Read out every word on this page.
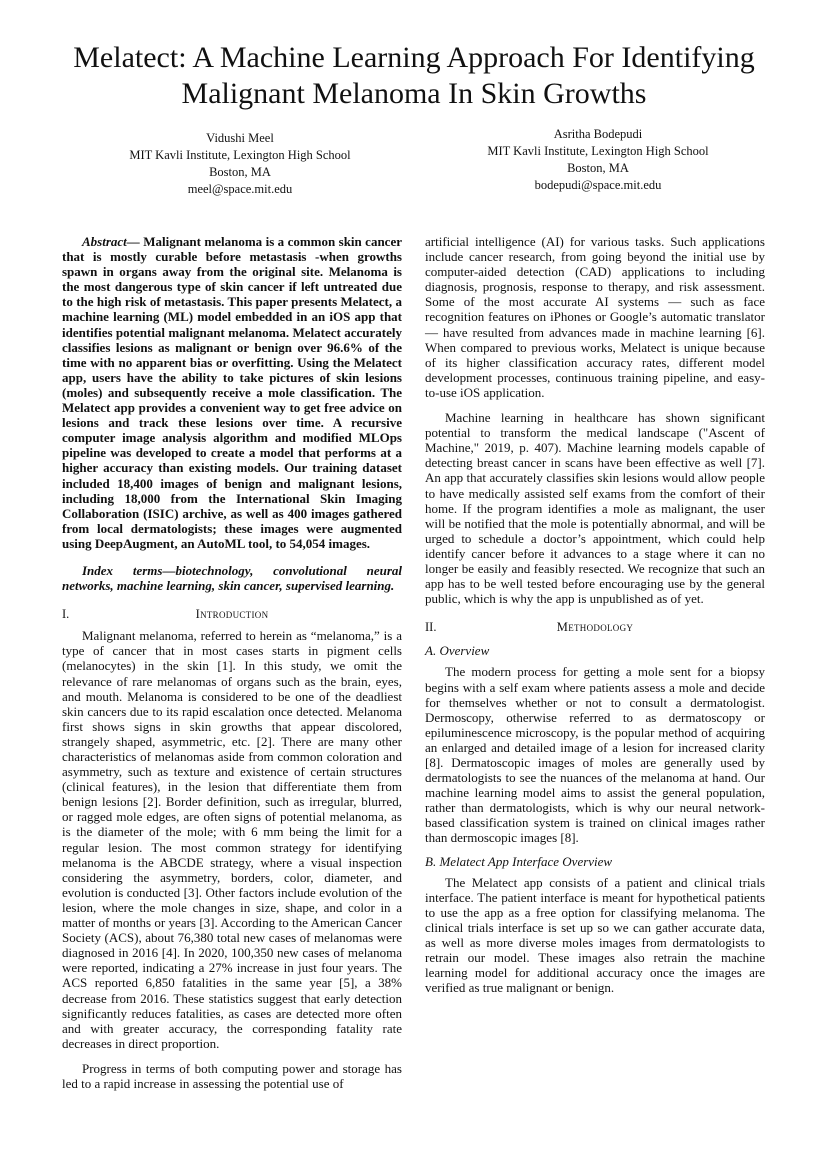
Melatect: A Machine Learning Approach For Identifying
Malignant Melanoma In Skin Growths
Vidushi Meel
MIT Kavli Institute, Lexington High School
Boston, MA
meel@space.mit.edu
Asritha Bodepudi
MIT Kavli Institute, Lexington High School
Boston, MA
bodepudi@space.mit.edu

Abstract— Malignant melanoma is a common skin cancer that is mostly curable before metastasis -when growths spawn in organs away from the original site. Melanoma is the most dangerous type of skin cancer if left untreated due to the high risk of metastasis. This paper presents Melatect, a machine learning (ML) model embedded in an iOS app that identifies potential malignant melanoma. Melatect accurately classifies lesions as malignant or benign over 96.6% of the time with no apparent bias or overfitting. Using the Melatect app, users have the ability to take pictures of skin lesions (moles) and subsequently receive a mole classification. The Melatect app provides a convenient way to get free advice on lesions and track these lesions over time. A recursive computer image analysis algorithm and modified MLOps pipeline was developed to create a model that performs at a higher accuracy than existing models. Our training dataset included 18,400 images of benign and malignant lesions, including 18,000 from the International Skin Imaging Collaboration (ISIC) archive, as well as 400 images gathered from local dermatologists; these images were augmented using DeepAugment, an AutoML tool, to 54,054 images.

Index terms—biotechnology, convolutional neural networks, machine learning, skin cancer, supervised learning.

I.	Introduction

Malignant melanoma, referred to herein as “melanoma,” is a type of cancer that in most cases starts in pigment cells (melanocytes) in the skin [1]. In this study, we omit the relevance of rare melanomas of organs such as the brain, eyes, and mouth. Melanoma is considered to be one of the deadliest skin cancers due to its rapid escalation once detected. Melanoma first shows signs in skin growths that appear discolored, strangely shaped, asymmetric, etc. [2]. There are many other characteristics of melanomas aside from common coloration and asymmetry, such as texture and existence of certain structures (clinical features), in the lesion that differentiate them from benign lesions [2]. Border definition, such as irregular, blurred, or ragged mole edges, are often signs of potential melanoma, as is the diameter of the mole; with 6 mm being the limit for a regular lesion. The most common strategy for identifying melanoma is the ABCDE strategy, where a visual inspection considering the asymmetry, borders, color, diameter, and evolution is conducted [3]. Other factors include evolution of the lesion, where the mole changes in size, shape, and color in a matter of months or years [3]. According to the American Cancer Society (ACS), about 76,380 total new cases of melanomas were diagnosed in 2016 [4]. In 2020, 100,350 new cases of melanoma were reported, indicating a 27% increase in just four years. The ACS reported 6,850 fatalities in the same year [5], a 38% decrease from 2016. These statistics suggest that early detection significantly reduces fatalities, as cases are detected more often and with greater accuracy, the corresponding fatality rate decreases in direct proportion.

Progress in terms of both computing power and storage has led to a rapid increase in assessing the potential use of

artificial intelligence (AI) for various tasks. Such applications include cancer research, from going beyond the initial use by computer-aided detection (CAD) applications to including diagnosis, prognosis, response to therapy, and risk assessment. Some of the most accurate AI systems — such as face recognition features on iPhones or Google’s automatic translator — have resulted from advances made in machine learning [6]. When compared to previous works, Melatect is unique because of its higher classification accuracy rates, different model development processes, continuous training pipeline, and easy-to-use iOS application.

Machine learning in healthcare has shown significant potential to transform the medical landscape ("Ascent of Machine," 2019, p. 407). Machine learning models capable of detecting breast cancer in scans have been effective as well [7]. An app that accurately classifies skin lesions would allow people to have medically assisted self exams from the comfort of their home. If the program identifies a mole as malignant, the user will be notified that the mole is potentially abnormal, and will be urged to schedule a doctor’s appointment, which could help identify cancer before it advances to a stage where it can no longer be easily and feasibly resected. We recognize that such an app has to be well tested before encouraging use by the general public, which is why the app is unpublished as of yet.

II.	Methodology
A. Overview

The modern process for getting a mole sent for a biopsy begins with a self exam where patients assess a mole and decide for themselves whether or not to consult a dermatologist. Dermoscopy, otherwise referred to as dermatoscopy or epiluminescence microscopy, is the popular method of acquiring an enlarged and detailed image of a lesion for increased clarity [8]. Dermatoscopic images of moles are generally used by dermatologists to see the nuances of the melanoma at hand. Our machine learning model aims to assist the general population, rather than dermatologists, which is why our neural network-based classification system is trained on clinical images rather than dermoscopic images [8].

B. Melatect App Interface Overview

The Melatect app consists of a patient and clinical trials interface. The patient interface is meant for hypothetical patients to use the app as a free option for classifying melanoma. The clinical trials interface is set up so we can gather accurate data, as well as more diverse moles images from dermatologists to retrain our model. These images also retrain the machine learning model for additional accuracy once the images are verified as true malignant or benign.
